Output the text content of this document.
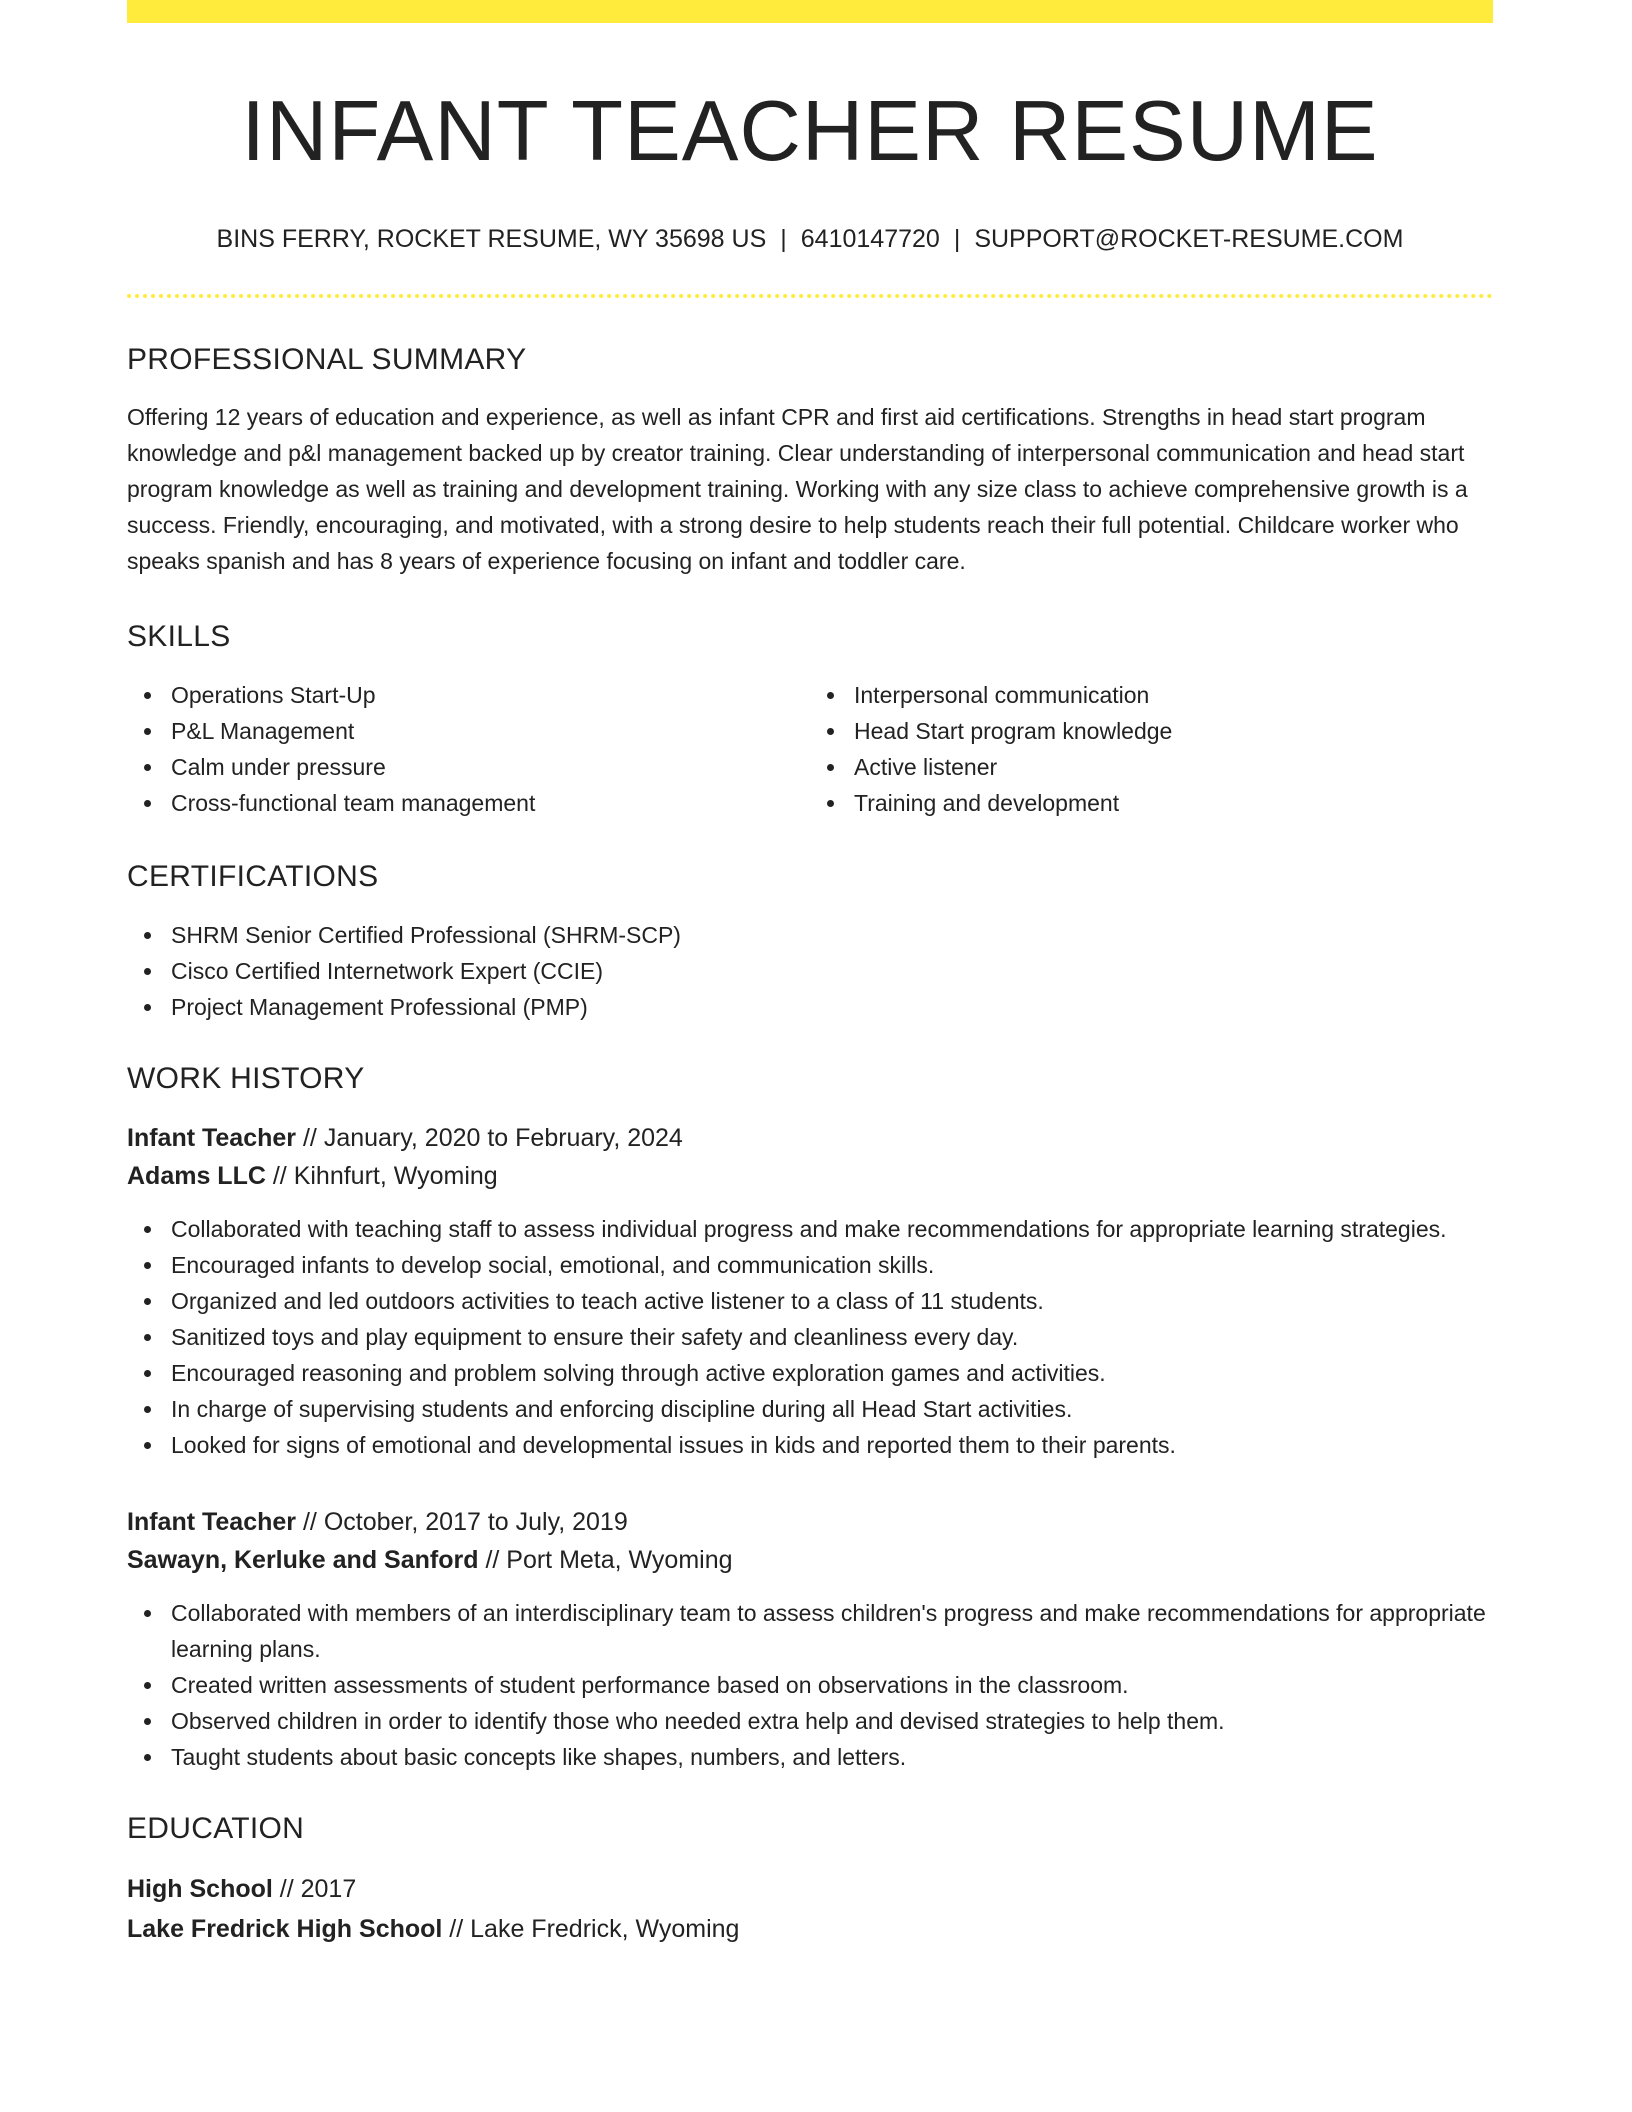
INFANT TEACHER RESUME
BINS FERRY, ROCKET RESUME, WY 35698 US | 6410147720 | SUPPORT@ROCKET-RESUME.COM
PROFESSIONAL SUMMARY
Offering 12 years of education and experience, as well as infant CPR and first aid certifications. Strengths in head start program knowledge and p&l management backed up by creator training. Clear understanding of interpersonal communication and head start program knowledge as well as training and development training. Working with any size class to achieve comprehensive growth is a success. Friendly, encouraging, and motivated, with a strong desire to help students reach their full potential. Childcare worker who speaks spanish and has 8 years of experience focusing on infant and toddler care.
SKILLS
Operations Start-Up
P&L Management
Calm under pressure
Cross-functional team management
Interpersonal communication
Head Start program knowledge
Active listener
Training and development
CERTIFICATIONS
SHRM Senior Certified Professional (SHRM-SCP)
Cisco Certified Internetwork Expert (CCIE)
Project Management Professional (PMP)
WORK HISTORY
Infant Teacher // January, 2020 to February, 2024
Adams LLC // Kihnfurt, Wyoming
Collaborated with teaching staff to assess individual progress and make recommendations for appropriate learning strategies.
Encouraged infants to develop social, emotional, and communication skills.
Organized and led outdoors activities to teach active listener to a class of 11 students.
Sanitized toys and play equipment to ensure their safety and cleanliness every day.
Encouraged reasoning and problem solving through active exploration games and activities.
In charge of supervising students and enforcing discipline during all Head Start activities.
Looked for signs of emotional and developmental issues in kids and reported them to their parents.
Infant Teacher // October, 2017 to July, 2019
Sawayn, Kerluke and Sanford // Port Meta, Wyoming
Collaborated with members of an interdisciplinary team to assess children's progress and make recommendations for appropriate learning plans.
Created written assessments of student performance based on observations in the classroom.
Observed children in order to identify those who needed extra help and devised strategies to help them.
Taught students about basic concepts like shapes, numbers, and letters.
EDUCATION
High School // 2017
Lake Fredrick High School // Lake Fredrick, Wyoming
